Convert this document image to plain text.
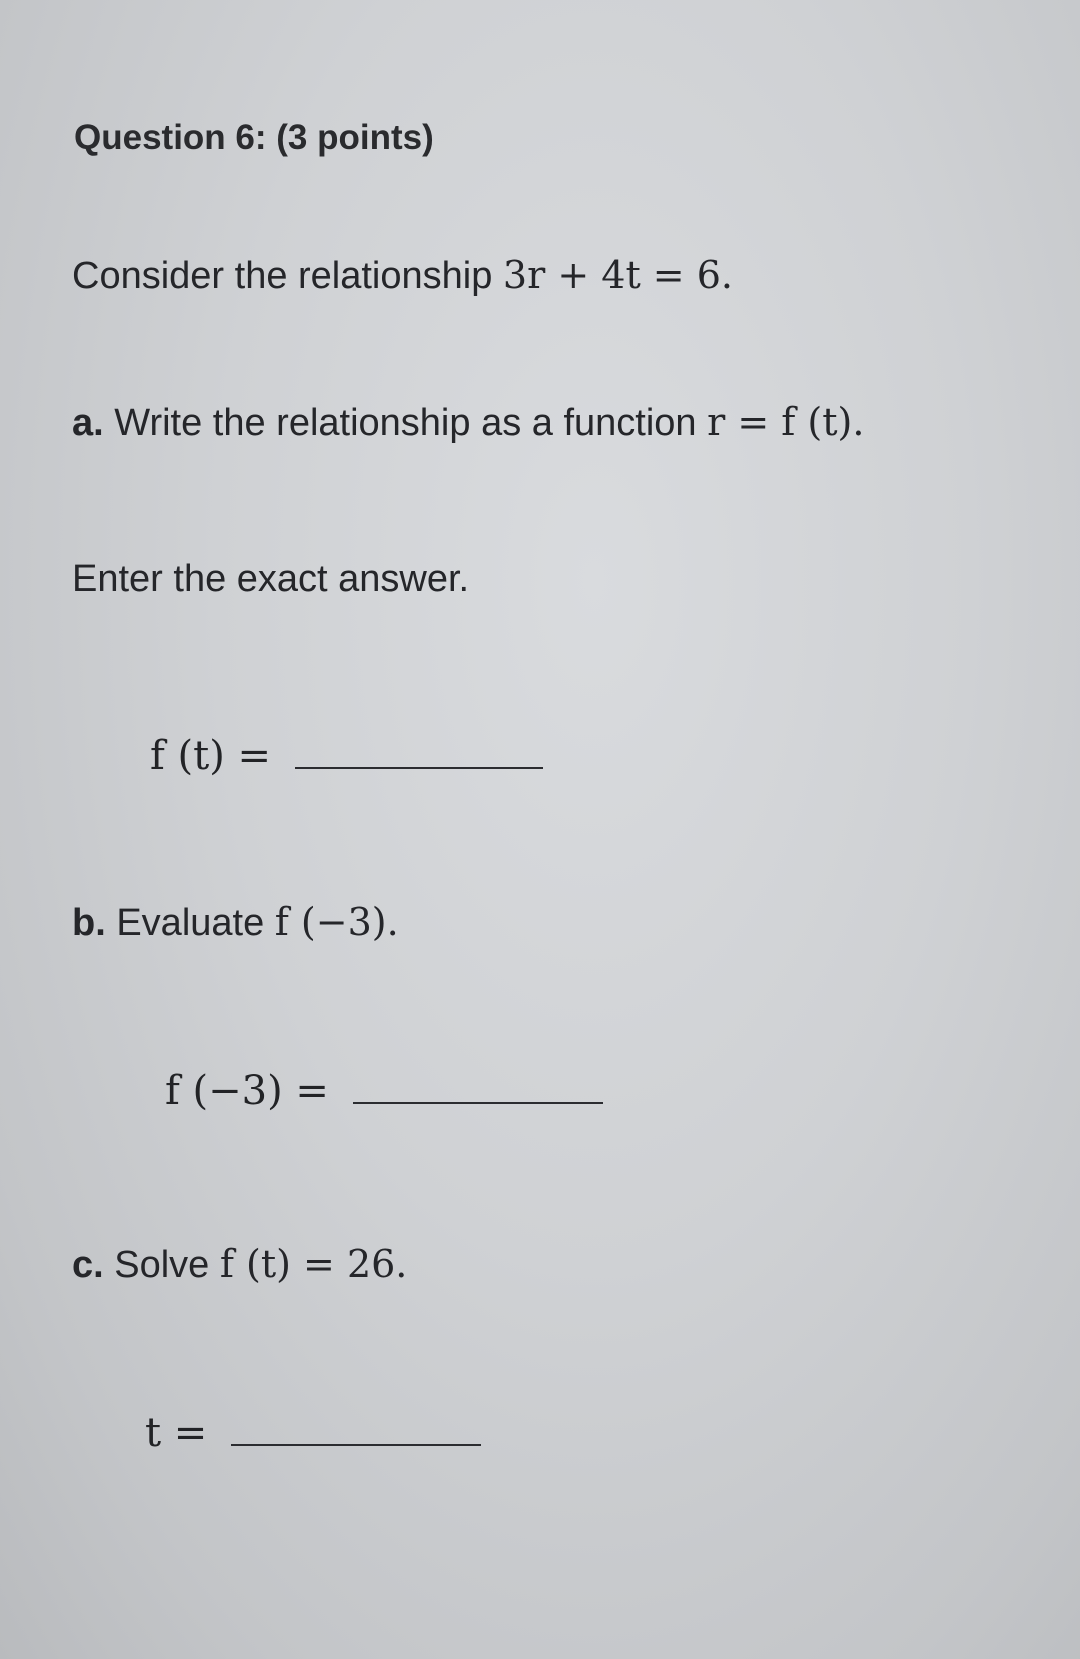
Question 6: (3 points)
Consider the relationship 3r + 4t = 6.
a. Write the relationship as a function r = f (t).
Enter the exact answer.
f (t) =
b. Evaluate f (−3).
f (−3) =
c. Solve f (t) = 26.
t =
